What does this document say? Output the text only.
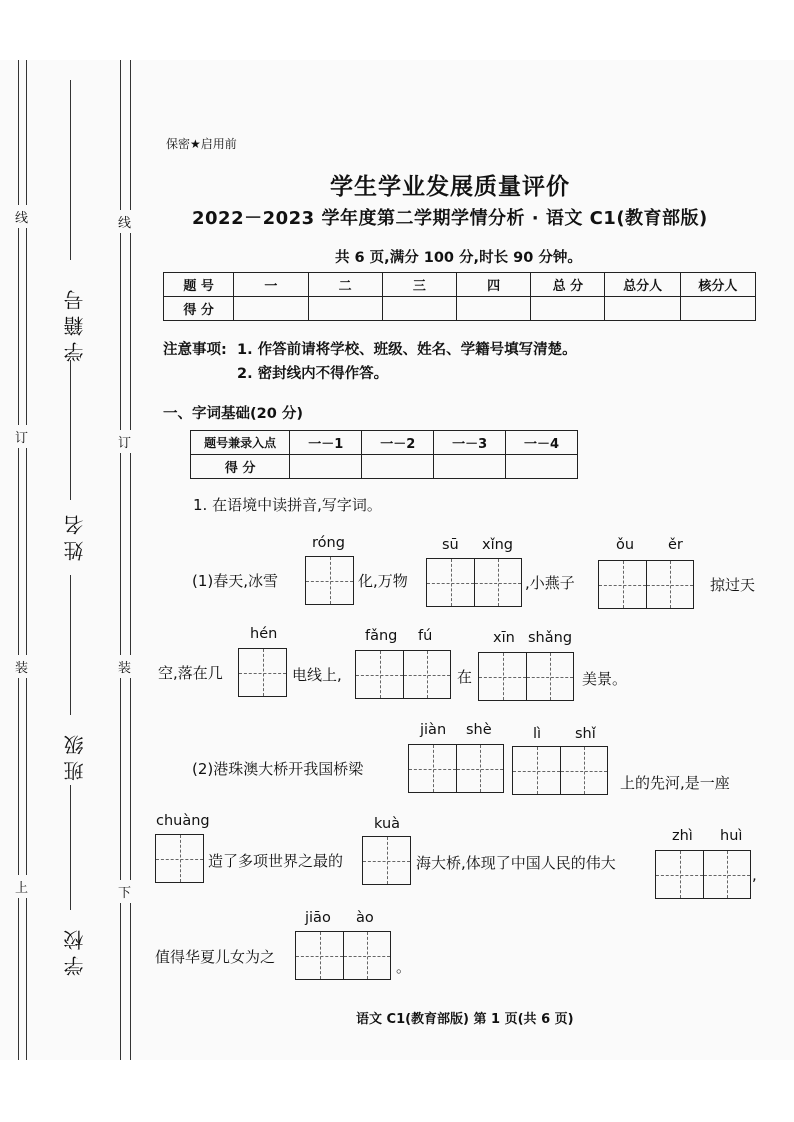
线
订
装
上
线
订
装
下
学籍号
姓名
班级
学校
保密★启用前
学生学业发展质量评价
2022－2023 学年度第二学期学情分析 · 语文 C1(教育部版)
共 6 页,满分 100 分,时长 90 分钟。
题 号	一	二	三	四	总 分	总分人	核分人
得 分							
注意事项: 1. 作答前请将学校、班级、姓名、学籍号填写清楚。
2. 密封线内不得作答。
一、字词基础(20 分)
题号兼录入点	一－1	一－2	一－3	一－4
得 分				
1. 在语境中读拼音,写字词。
róng	sū xǐng	ǒu ěr
(1)春天,冰雪	化,万物	,小燕子	掠过天
hén	fǎng fú	xīn shǎng
空,落在几	电线上,	在	美景。
jiàn shè	lì shǐ
(2)港珠澳大桥开我国桥梁
上的先河,是一座
chuàng	kuà
zhì huì
造了多项世界之最的	海大桥,体现了中国人民的伟大
,
jiāo ào
值得华夏儿女为之
。
语文 C1(教育部版) 第 1 页(共 6 页)
